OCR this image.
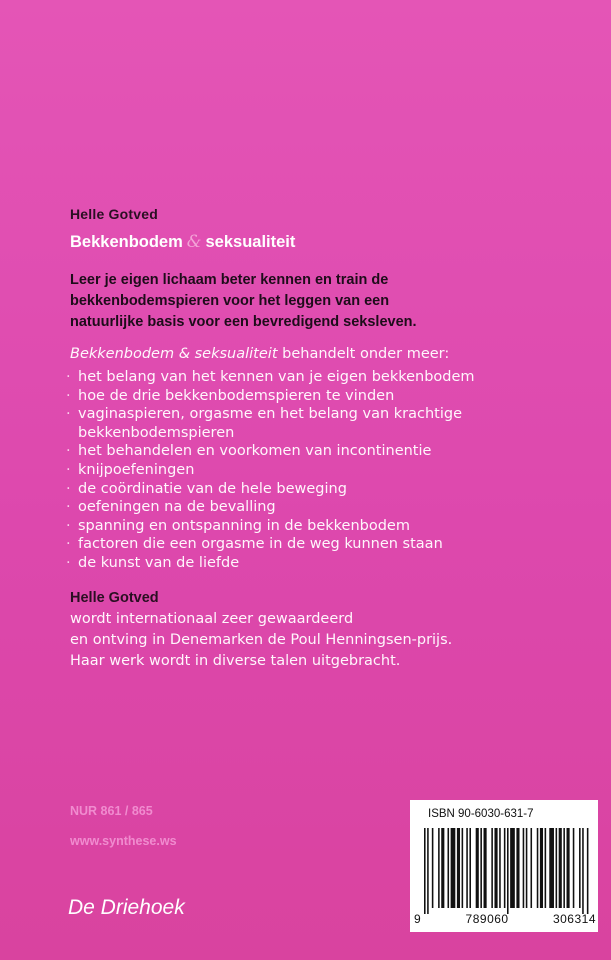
Helle Gotved
Bekkenbodem & seksualiteit
Leer je eigen lichaam beter kennen en train de
bekkenbodemspieren voor het leggen van een
natuurlijke basis voor een bevredigend seksleven.
Bekkenbodem & seksualiteit behandelt onder meer:
· het belang van het kennen van je eigen bekkenbodem
· hoe de drie bekkenbodemspieren te vinden
· vaginaspieren, orgasme en het belang van krachtige
bekkenbodemspieren
· het behandelen en voorkomen van incontinentie
· knijpoefeningen
· de coördinatie van de hele beweging
· oefeningen na de bevalling
· spanning en ontspanning in de bekkenbodem
· factoren die een orgasme in de weg kunnen staan
· de kunst van de liefde
Helle Gotved
wordt internationaal zeer gewaardeerd
en ontving in Denemarken de Poul Henningsen-prijs.
Haar werk wordt in diverse talen uitgebracht.
NUR 861 / 865
www.synthese.ws
De Driehoek
ISBN 90-6030-631-7
9	789060	306314
